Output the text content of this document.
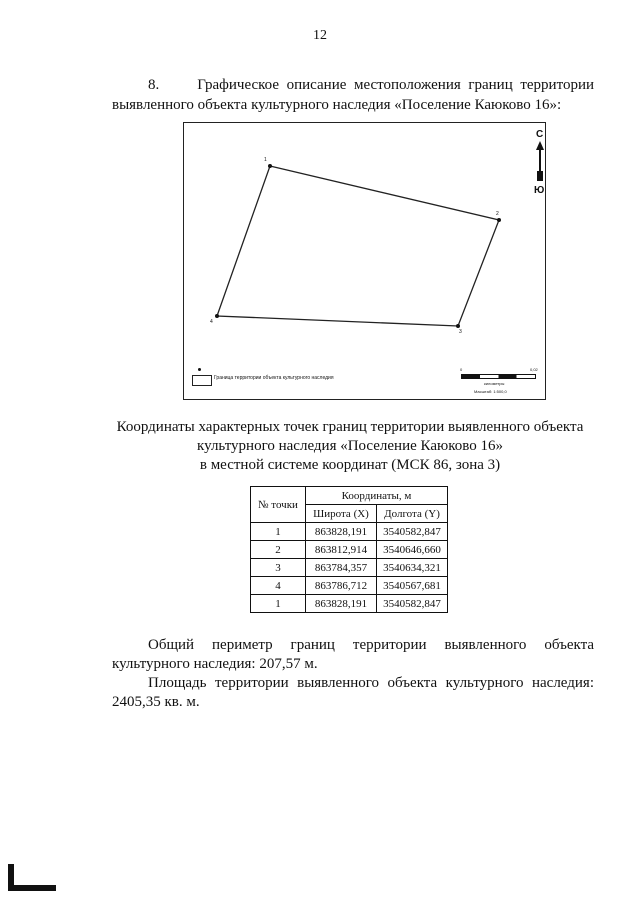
12
8.	Графическое описание местоположения границ территории выявленного объекта культурного наследия «Поселение Каюково 16»:
1
2
3
4
С
Ю
Граница территории объекта культурного наследия
0	0,02
километры
Масштаб: 1:500,0
Координаты характерных точек границ территории выявленного объекта
культурного наследия «Поселение Каюково 16»
в местной системе координат (МСК 86, зона 3)
№ точки	Координаты, м	
	Широта (X)	Долгота (Y)
1	863828,191	3540582,847
2	863812,914	3540646,660
3	863784,357	3540634,321
4	863786,712	3540567,681
1	863828,191	3540582,847
Общий периметр границ территории выявленного объекта культурного наследия: 207,57 м.
Площадь территории выявленного объекта культурного наследия: 2405,35 кв. м.
